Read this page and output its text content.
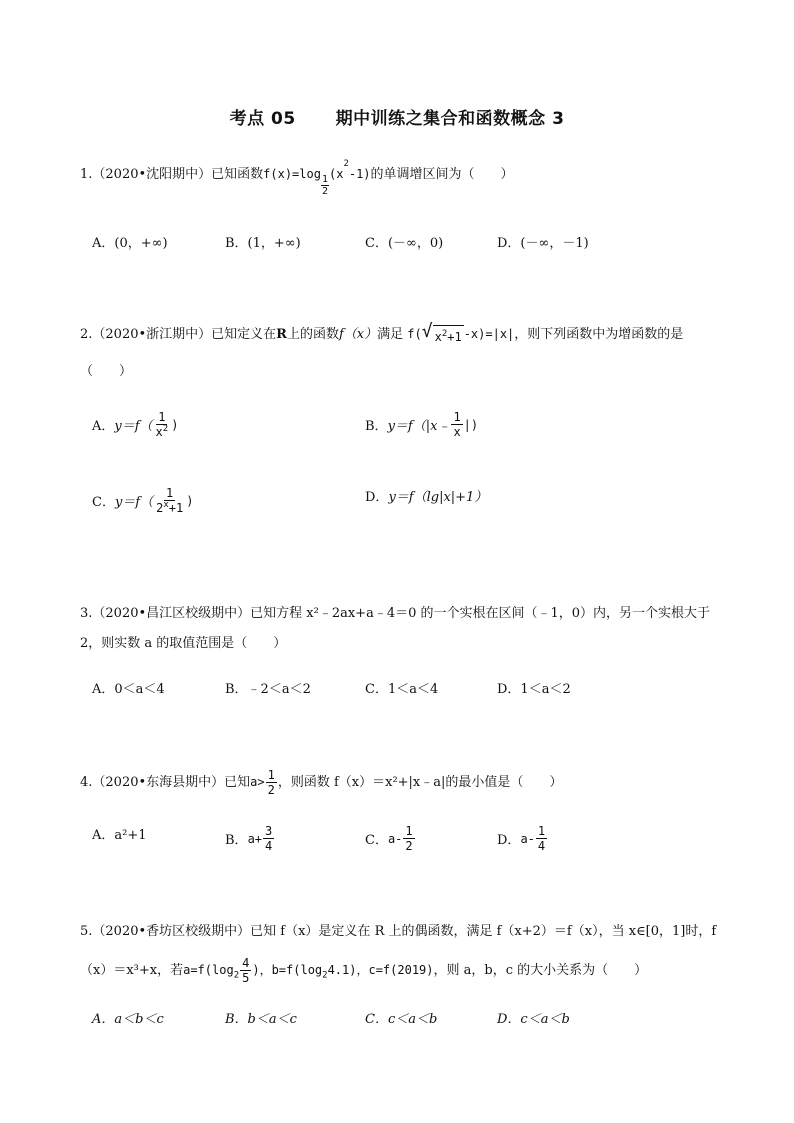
考点 05 期中训练之集合和函数概念 3
1.（2020•沈阳期中）已知函数 $f(x)=\log \frac{1}{2} (x$
2
-1) 的单调增区间为（　　）
A．(0，+∞)	B．(1，+∞)	C．(－∞，0)	D．(－∞，－1)
2.（2020•浙江期中）已知定义在R上的函数f（x）满足 f( √ $x^2+1$ -x)=|x|，则下列函数中为增函数的是
（　　）
A． $y=f( \frac{1}{x^2}$ )	B． y＝f（|x﹣ $\frac{1}{x}$ |)
C． $y=f( \frac{1}{2^x+1}$ )	D． y＝f（lg|x|+1）
3.（2020•昌江区校级期中）已知方程 x²﹣2ax+a﹣4＝0 的一个实根在区间（﹣1，0）内，另一个实根大于
2，则实数 a 的取值范围是（　　）
A．0＜a＜4	B．﹣2＜a＜2	C．1＜a＜4	D．1＜a＜2
4.（2020•东海县期中）已知$a> \frac{1}{2}$ ，则函数 f（x）＝x²+|x﹣a|的最小值是（　　）
A．a²+1	B． $a+ \frac{3}{4}$	C． $a- \frac{1}{2}$	D． $a- \frac{1}{4}$
5.（2020•香坊区校级期中）已知 f（x）是定义在 R 上的偶函数，满足 f（x+2）＝f（x），当 x∈[0，1]时，f
（x）＝x³+x，若$a=f(\log_2 \frac{4}{5}$ )，$b=f(\log_24.1)$，c=f(2019)，则 a，b，c 的大小关系为（　　）
A．a＜b＜c	B．b＜a＜c	C．c＜a＜b	D．c＜a＜b
